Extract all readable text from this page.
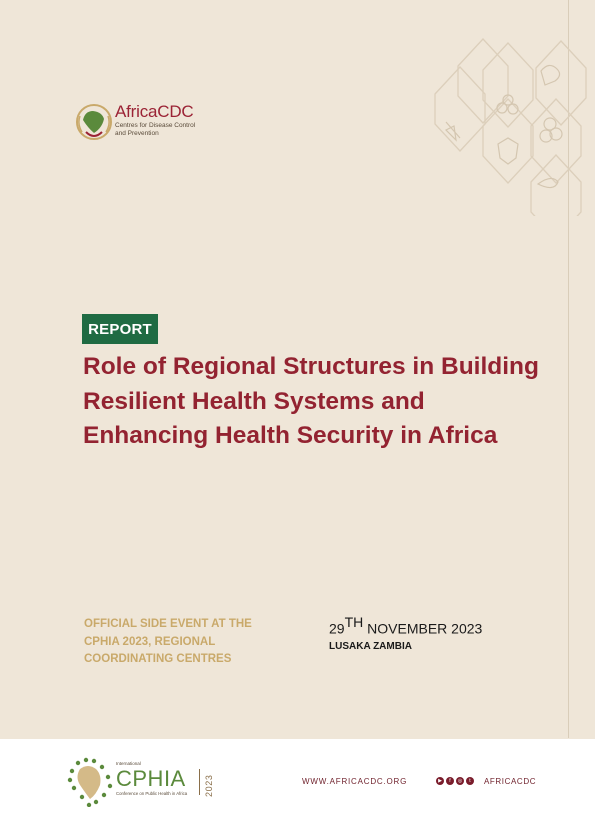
AfricaCDC
Centres for Disease Control
and Prevention
REPORT
Role of Regional Structures in Building Resilient Health Systems and Enhancing Health Security in Africa
OFFICIAL SIDE EVENT AT THE CPHIA 2023, REGIONAL COORDINATING CENTRES
29TH NOVEMBER 2023
LUSAKA ZAMBIA
International
CPHIA
Conference on Public Health in Africa 2023	WWW.AFRICACDC.ORG	▶	f	◎	t	AFRICACDC
